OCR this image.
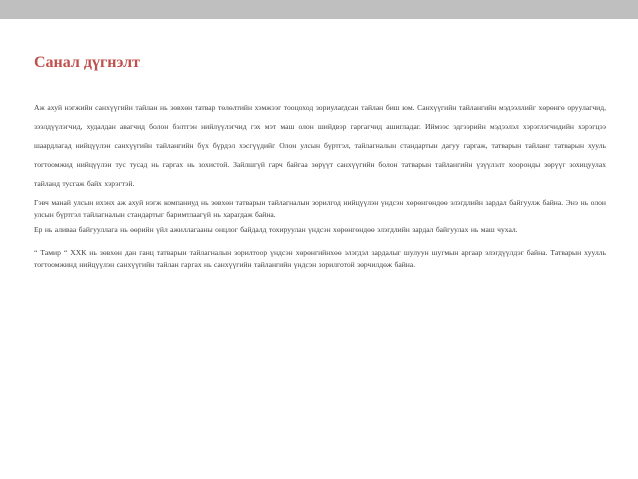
Санал дүгнэлт

Аж ахуй нэгжийн санхүүгийн тайлан нь зөвхөн татвар төлөлтийн хэмжээг тооцоход зориулагдсан тайлан биш юм. Санхүүгийн тайлангийн мэдээллийг хөрөнгө оруулагчид, зээлдүүлэгчид, худалдан авагчид болон бэлтгэн нийлүүлэгчид гэх мэт маш олон шийдвэр гаргагчид ашигладаг. Иймээс эдгээрийн мэдээлэл хэрэглэгчидийн хэрэгцээ шаардлагад нийцүүлэн санхүүгийн тайлангийн бүх бүрдэл хэсгүүдийг Олон улсын бүртгэл, тайлагналын стандартын дагуу гаргаж, татварын тайланг татварын хууль тогтоомжид нийцүүлэн тус тусад нь гаргах нь зохистой. Зайлшгүй гарч байгаа зөрүүт санхүүгийн болон татварын тайлангийн үзүүлэлт хооронды зөрүүг зохицуулах тайланд тусгаж байх хэрэгтэй.

Гэвч манай улсын ихэнх аж ахуй нэгж компаниуд нь зөвхөн татварын тайлагналын зорилгод нийцүүлэн үндсэн хөрөнгөндөө элэгдлийн зардал байгуулж байна. Энэ нь олон улсын бүртгэл тайлагналын стандартыг баримтлаагүй нь харагдаж байна.

Ер нь аливаа байгууллага нь өөрийн үйл ажиллагааны онцлог байдалд тохируулан үндсэн хөрөнгөндөө элэгдлийн зардал байгуулах нь маш чухал.

“ Тамир “ ХХК нь зөвхөн дан ганц татварын тайлагналын зорилтоор үндсэн хөрөнгийнхөө элэгдэл зардалыг шулуун шугмын аргаар элэгдүүлдэг байна. Татварын хуулль тогтоомжинд нийцүүлэн санхүүгийн тайлан гаргах нь санхүүгийн тайлангийн үндсэн зорилготой зөрчилдөж байна.
